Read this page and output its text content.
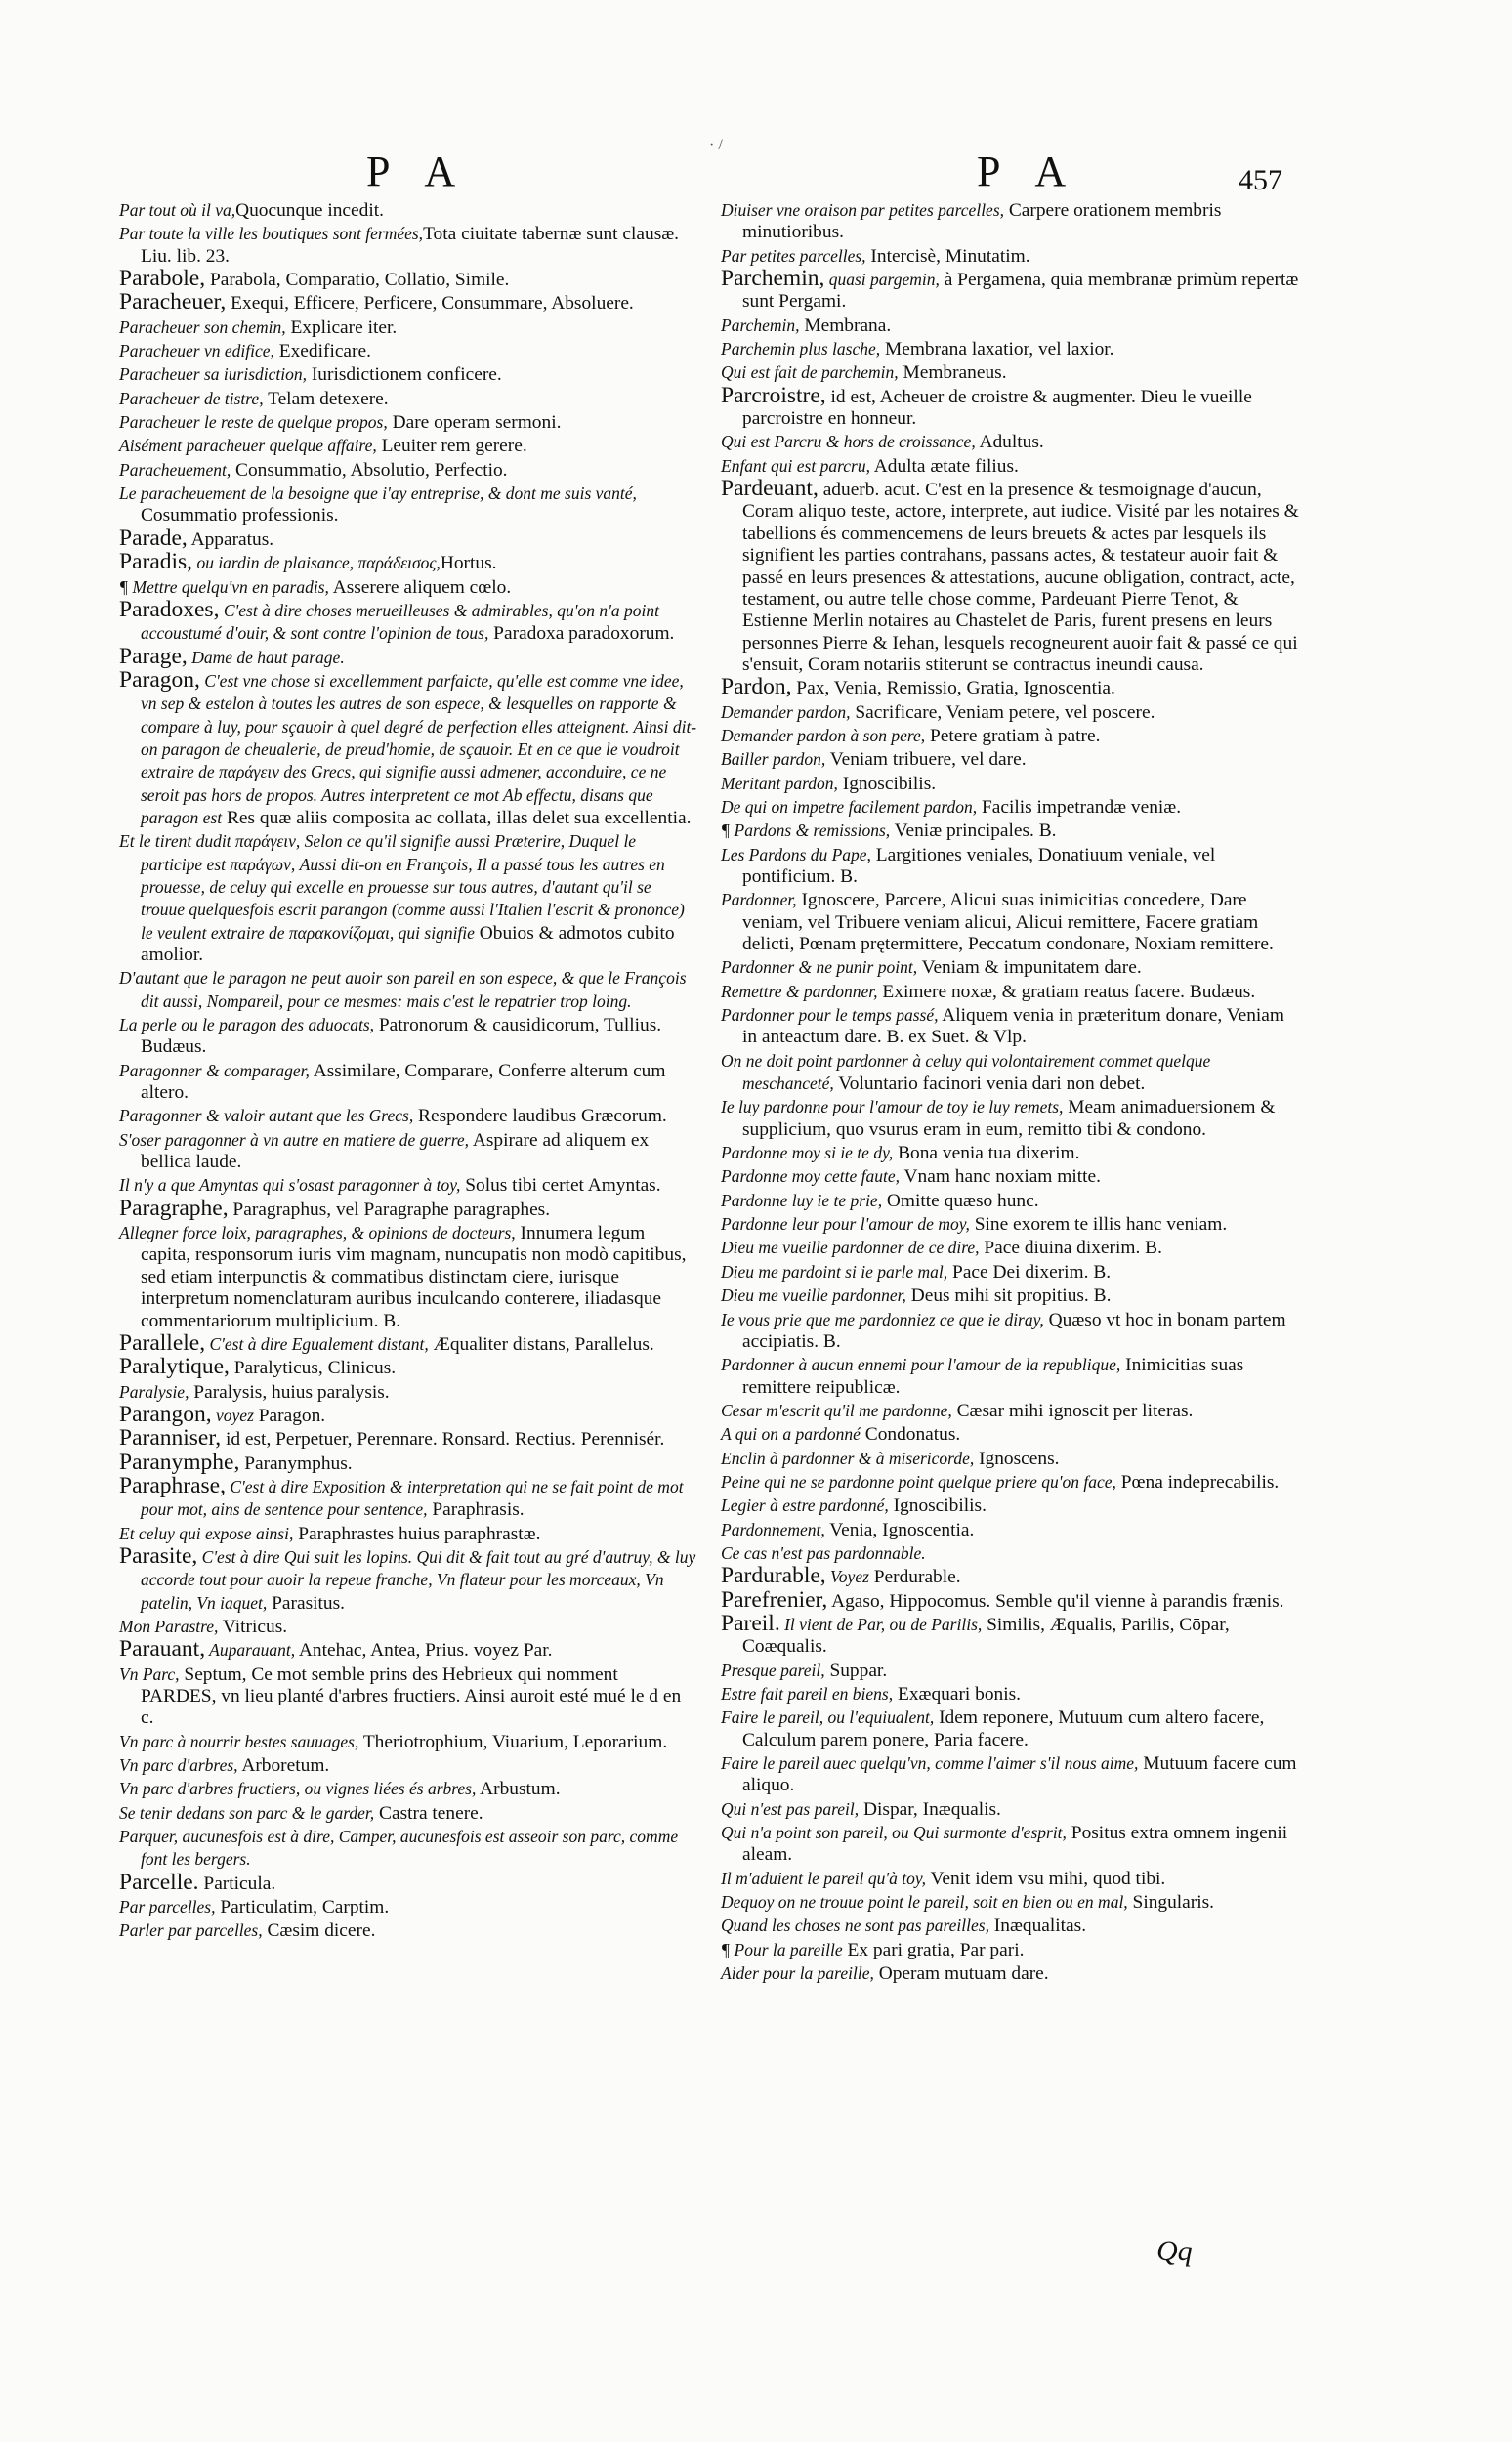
P A	P A	457
· /

Par tout où il va,Quocunque incedit.

Par toute la ville les boutiques sont fermées,Tota ciuitate tabernæ sunt clausæ. Liu. lib. 23.

Parabole, Parabola, Comparatio, Collatio, Simile.

Paracheuer, Exequi, Efficere, Perficere, Consummare, Absoluere.

Paracheuer son chemin, Explicare iter.

Paracheuer vn edifice, Exedificare.

Paracheuer sa iurisdiction, Iurisdictionem conficere.

Paracheuer de tistre, Telam detexere.

Paracheuer le reste de quelque propos, Dare operam sermoni.

Aisément paracheuer quelque affaire, Leuiter rem gerere.

Paracheuement, Consummatio, Absolutio, Perfectio.

Le paracheuement de la besoigne que i'ay entreprise, & dont me suis vanté, Cosummatio professionis.

Parade, Apparatus.

Paradis, ou iardin de plaisance, παράδεισος,Hortus.

¶ Mettre quelqu'vn en paradis, Asserere aliquem cœlo.

Paradoxes, C'est à dire choses merueilleuses & admirables, qu'on n'a point accoustumé d'ouir, & sont contre l'opinion de tous, Paradoxa paradoxorum.

Parage, Dame de haut parage.

Paragon, C'est vne chose si excellemment parfaicte, qu'elle est comme vne idee, vn sep & estelon à toutes les autres de son espece, & lesquelles on rapporte & compare à luy, pour sçauoir à quel degré de perfection elles atteignent. Ainsi dit-on paragon de cheualerie, de preud'homie, de sçauoir. Et en ce que le voudroit extraire de παράγειν des Grecs, qui signifie aussi admener, acconduire, ce ne seroit pas hors de propos. Autres interpretent ce mot Ab effectu, disans que paragon est Res quæ aliis composita ac collata, illas delet sua excellentia.

Et le tirent dudit παράγειν, Selon ce qu'il signifie aussi Præterire, Duquel le participe est παράγων, Aussi dit-on en François, Il a passé tous les autres en prouesse, de celuy qui excelle en prouesse sur tous autres, d'autant qu'il se trouue quelquesfois escrit parangon (comme aussi l'Italien l'escrit & prononce) le veulent extraire de παρακονίζομαι, qui signifie Obuios & admotos cubito amolior.

D'autant que le paragon ne peut auoir son pareil en son espece, & que le François dit aussi, Nompareil, pour ce mesmes: mais c'est le repatrier trop loing.

La perle ou le paragon des aduocats, Patronorum & causidicorum, Tullius. Budæus.

Paragonner & comparager, Assimilare, Comparare, Conferre alterum cum altero.

Paragonner & valoir autant que les Grecs, Respondere laudibus Græcorum.

S'oser paragonner à vn autre en matiere de guerre, Aspirare ad aliquem ex bellica laude.

Il n'y a que Amyntas qui s'osast paragonner à toy, Solus tibi certet Amyntas.

Paragraphe, Paragraphus, vel Paragraphe paragraphes.

Allegner force loix, paragraphes, & opinions de docteurs, Innumera legum capita, responsorum iuris vim magnam, nuncupatis non modò capitibus, sed etiam interpunctis & commatibus distinctam ciere, iurisque interpretum nomenclaturam auribus inculcando conterere, iliadasque commentariorum multiplicium. B.

Parallele, C'est à dire Egualement distant, Æqualiter distans, Parallelus.

Paralytique, Paralyticus, Clinicus.

Paralysie, Paralysis, huius paralysis.

Parangon, voyez Paragon.

Paranniser, id est, Perpetuer, Perennare. Ronsard. Rectius. Perennisér.

Paranymphe, Paranymphus.

Paraphrase, C'est à dire Exposition & interpretation qui ne se fait point de mot pour mot, ains de sentence pour sentence, Paraphrasis.

Et celuy qui expose ainsi, Paraphrastes huius paraphrastæ.

Parasite, C'est à dire Qui suit les lopins. Qui dit & fait tout au gré d'autruy, & luy accorde tout pour auoir la repeue franche, Vn flateur pour les morceaux, Vn patelin, Vn iaquet, Parasitus.

Mon Parastre, Vitricus.

Parauant, Auparauant, Antehac, Antea, Prius. voyez Par.

Vn Parc, Septum, Ce mot semble prins des Hebrieux qui nomment PARDES, vn lieu planté d'arbres fructiers. Ainsi auroit esté mué le d en c.

Vn parc à nourrir bestes sauuages, Theriotrophium, Viuarium, Leporarium.

Vn parc d'arbres, Arboretum.

Vn parc d'arbres fructiers, ou vignes liées és arbres, Arbustum.

Se tenir dedans son parc & le garder, Castra tenere.

Parquer, aucunesfois est à dire, Camper, aucunesfois est asseoir son parc, comme font les bergers.

Parcelle. Particula.

Par parcelles, Particulatim, Carptim.

Parler par parcelles, Cæsim dicere.

Diuiser vne oraison par petites parcelles, Carpere orationem membris minutioribus.

Par petites parcelles, Intercisè, Minutatim.

Parchemin, quasi pargemin, à Pergamena, quia membranæ primùm repertæ sunt Pergami.

Parchemin, Membrana.

Parchemin plus lasche, Membrana laxatior, vel laxior.

Qui est fait de parchemin, Membraneus.

Parcroistre, id est, Acheuer de croistre & augmenter. Dieu le vueille parcroistre en honneur.

Qui est Parcru & hors de croissance, Adultus.

Enfant qui est parcru, Adulta ætate filius.

Pardeuant, aduerb. acut. C'est en la presence & tesmoignage d'aucun, Coram aliquo teste, actore, interprete, aut iudice. Visité par les notaires & tabellions és commencemens de leurs breuets & actes par lesquels ils signifient les parties contrahans, passans actes, & testateur auoir fait & passé en leurs presences & attestations, aucune obligation, contract, acte, testament, ou autre telle chose comme, Pardeuant Pierre Tenot, & Estienne Merlin notaires au Chastelet de Paris, furent presens en leurs personnes Pierre & Iehan, lesquels recogneurent auoir fait & passé ce qui s'ensuit, Coram notariis stiterunt se contractus ineundi causa.

Pardon, Pax, Venia, Remissio, Gratia, Ignoscentia.

Demander pardon, Sacrificare, Veniam petere, vel poscere.

Demander pardon à son pere, Petere gratiam à patre.

Bailler pardon, Veniam tribuere, vel dare.

Meritant pardon, Ignoscibilis.

De qui on impetre facilement pardon, Facilis impetrandæ veniæ.

¶ Pardons & remissions, Veniæ principales. B.

Les Pardons du Pape, Largitiones veniales, Donatiuum veniale, vel pontificium. B.

Pardonner, Ignoscere, Parcere, Alicui suas inimicitias concedere, Dare veniam, vel Tribuere veniam alicui, Alicui remittere, Facere gratiam delicti, Pœnam prętermittere, Peccatum condonare, Noxiam remittere.

Pardonner & ne punir point, Veniam & impunitatem dare.

Remettre & pardonner, Eximere noxæ, & gratiam reatus facere. Budæus.

Pardonner pour le temps passé, Aliquem venia in præteritum donare, Veniam in anteactum dare. B. ex Suet. & Vlp.

On ne doit point pardonner à celuy qui volontairement commet quelque meschanceté, Voluntario facinori venia dari non debet.

Ie luy pardonne pour l'amour de toy ie luy remets, Meam animaduersionem & supplicium, quo vsurus eram in eum, remitto tibi & condono.

Pardonne moy si ie te dy, Bona venia tua dixerim.

Pardonne moy cette faute, Vnam hanc noxiam mitte.

Pardonne luy ie te prie, Omitte quæso hunc.

Pardonne leur pour l'amour de moy, Sine exorem te illis hanc veniam.

Dieu me vueille pardonner de ce dire, Pace diuina dixerim. B.

Dieu me pardoint si ie parle mal, Pace Dei dixerim. B.

Dieu me vueille pardonner, Deus mihi sit propitius. B.

Ie vous prie que me pardonniez ce que ie diray, Quæso vt hoc in bonam partem accipiatis. B.

Pardonner à aucun ennemi pour l'amour de la republique, Inimicitias suas remittere reipublicæ.

Cesar m'escrit qu'il me pardonne, Cæsar mihi ignoscit per literas.

A qui on a pardonné Condonatus.

Enclin à pardonner & à misericorde, Ignoscens.

Peine qui ne se pardonne point quelque priere qu'on face, Pœna indeprecabilis.

Legier à estre pardonné, Ignoscibilis.

Pardonnement, Venia, Ignoscentia.

Ce cas n'est pas pardonnable.

Pardurable, Voyez Perdurable.

Parefrenier, Agaso, Hippocomus. Semble qu'il vienne à parandis frænis.

Pareil. Il vient de Par, ou de Parilis, Similis, Æqualis, Parilis, Cōpar, Coæqualis.

Presque pareil, Suppar.

Estre fait pareil en biens, Exæquari bonis.

Faire le pareil, ou l'equiualent, Idem reponere, Mutuum cum altero facere, Calculum parem ponere, Paria facere.

Faire le pareil auec quelqu'vn, comme l'aimer s'il nous aime, Mutuum facere cum aliquo.

Qui n'est pas pareil, Dispar, Inæqualis.

Qui n'a point son pareil, ou Qui surmonte d'esprit, Positus extra omnem ingenii aleam.

Il m'aduient le pareil qu'à toy, Venit idem vsu mihi, quod tibi.

Dequoy on ne trouue point le pareil, soit en bien ou en mal, Singularis.

Quand les choses ne sont pas pareilles, Inæqualitas.

¶ Pour la pareille Ex pari gratia, Par pari.

Aider pour la pareille, Operam mutuam dare.

Qq
